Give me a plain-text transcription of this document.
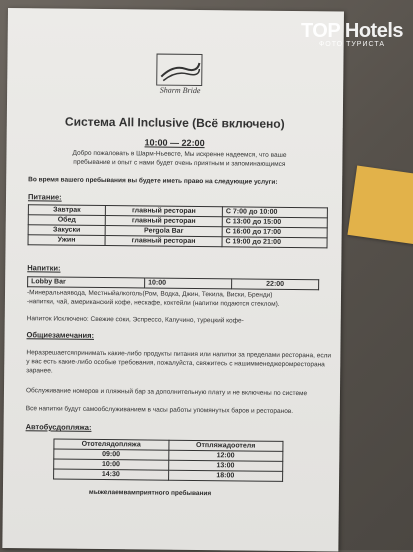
Sharm Bride
Система All Inclusive (Всё включено)
10:00 — 22:00
Добро пожаловать в Шарм-Ньевсте, Мы искренне надеемся, что ваше пребывание и опыт с нами будет очень приятным и запоминающимся
Во время вашего пребывания вы будете иметь право на следующие услуги:
Питание:
Завтрак	главный ресторан	С 7:00 до 10:00
Обед	главный ресторан	С 13:00 до 15:00
Закуски	Pergola Bar	С 16:00 до 17:00
Ужин	главный ресторан	С 19:00 до 21:00
Напитки:
Lobby Bar	10:00	22:00
-Минеральнаявода, Местныйалкоголь(Ром, Водка, Джин, Текила, Виски, Бренди)
-напитки, чай, американский кофе, нескафе, коктейли (напитки подаются стеклом).
Напиток Исключено: Свежие соки, Эспрессо, Капучино, турецкий кофе-
Общиезамечания:
Неразрешаетсяпринимать какие-либо продукты питания или напитки за пределами ресторана, если у вас есть какие-либо особые требования, пожалуйста, свяжитесь с нашимменеджеромресторана заранее.
Обслуживание номеров и пляжный бар за дополнительную плату и не включены по системе
Все напитки будут самообслуживанием в часы работы упомянутых баров и ресторанов.
Автобусдопляжа:
Ототелядопляжа	Отпляжадоотеля
09:00	12:00
10:00	13:00
14:30	18:00
мыжелаемвамприятного пребывания
TOP Hotels
ФОТО ТУРИСТА
